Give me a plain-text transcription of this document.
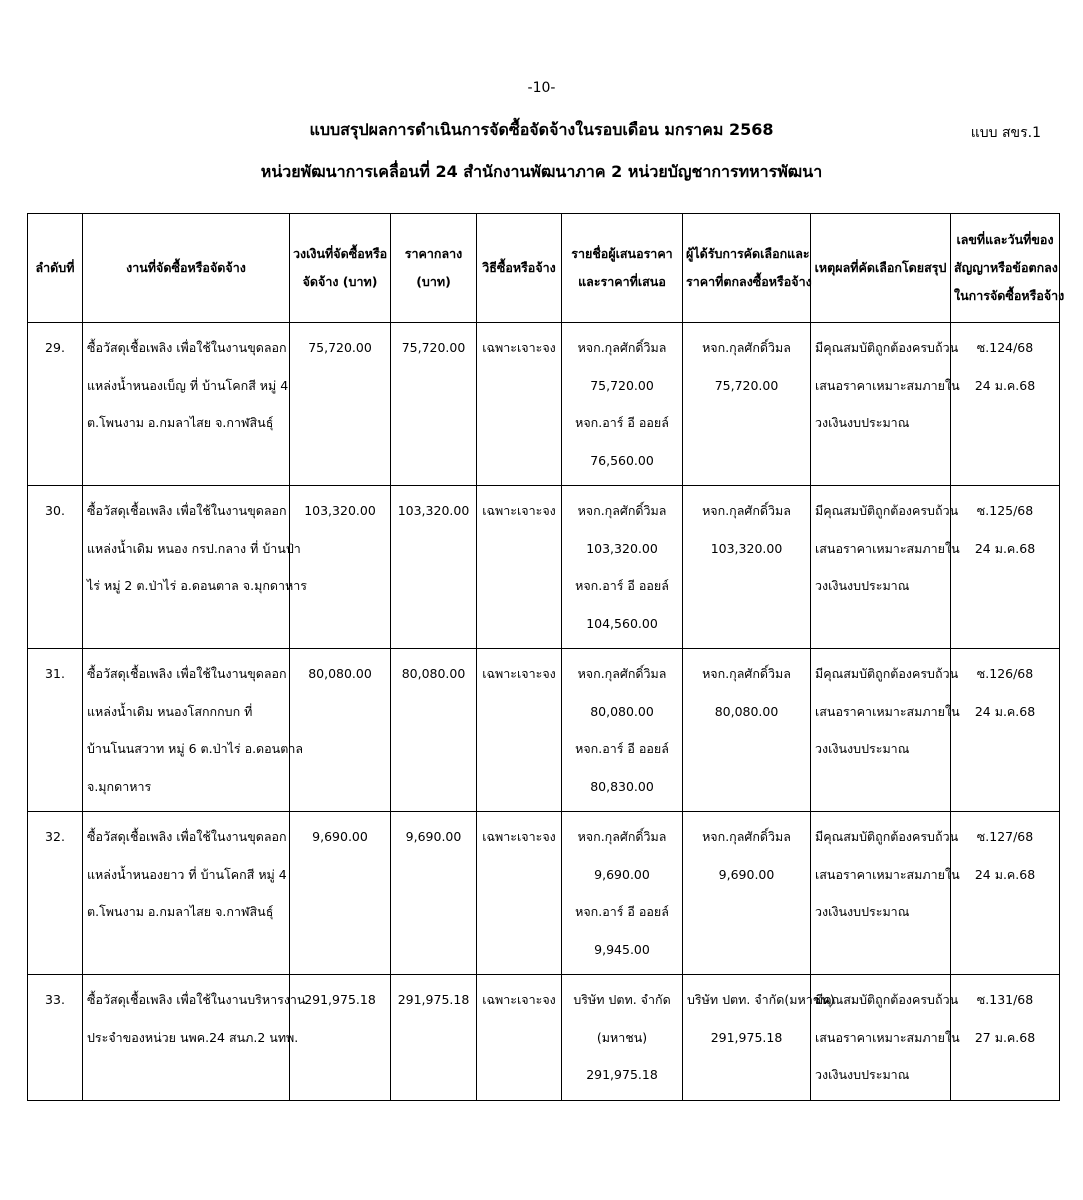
-10-
แบบ สขร.1
แบบสรุปผลการดำเนินการจัดซื้อจัดจ้างในรอบเดือน มกราคม 2568
หน่วยพัฒนาการเคลื่อนที่ 24 สำนักงานพัฒนาภาค 2 หน่วยบัญชาการทหารพัฒนา
ลำดับที่	งานที่จัดซื้อหรือจัดจ้าง	วงเงินที่จัดซื้อหรือ
จัดจ้าง (บาท)	ราคากลาง
(บาท)	วิธีซื้อหรือจ้าง	รายชื่อผู้เสนอราคา
และราคาที่เสนอ	ผู้ได้รับการคัดเลือกและ
ราคาที่ตกลงซื้อหรือจ้าง	เหตุผลที่คัดเลือกโดยสรุป	เลขที่และวันที่ของ
สัญญาหรือข้อตกลง
ในการจัดซื้อหรือจ้าง

29.	ซื้อวัสดุเชื้อเพลิง เพื่อใช้ในงานขุดลอก
แหล่งน้ำหนองเบ็ญ ที่ บ้านโคกสี หมู่ 4
ต.โพนงาม อ.กมลาไสย จ.กาฬสินธุ์	75,720.00	75,720.00	เฉพาะเจาะจง	หจก.กุลศักดิ์วิมล
75,720.00
หจก.อาร์ อี ออยล์
76,560.00	หจก.กุลศักดิ์วิมล
75,720.00	มีคุณสมบัติถูกต้องครบถ้วน
เสนอราคาเหมาะสมภายใน
วงเงินงบประมาณ	ซ.124/68
24 ม.ค.68

30.	ซื้อวัสดุเชื้อเพลิง เพื่อใช้ในงานขุดลอก
แหล่งน้ำเดิม หนอง กรป.กลาง ที่ บ้านป่า
ไร่ หมู่ 2 ต.ป่าไร่ อ.ดอนตาล จ.มุกดาหาร	103,320.00	103,320.00	เฉพาะเจาะจง	หจก.กุลศักดิ์วิมล
103,320.00
หจก.อาร์ อี ออยล์
104,560.00	หจก.กุลศักดิ์วิมล
103,320.00	มีคุณสมบัติถูกต้องครบถ้วน
เสนอราคาเหมาะสมภายใน
วงเงินงบประมาณ	ซ.125/68
24 ม.ค.68

31.	ซื้อวัสดุเชื้อเพลิง เพื่อใช้ในงานขุดลอก
แหล่งน้ำเดิม หนองโสกกกบก ที่
บ้านโนนสวาท หมู่ 6 ต.ป่าไร่ อ.ดอนตาล
จ.มุกดาหาร	80,080.00	80,080.00	เฉพาะเจาะจง	หจก.กุลศักดิ์วิมล
80,080.00
หจก.อาร์ อี ออยล์
80,830.00	หจก.กุลศักดิ์วิมล
80,080.00	มีคุณสมบัติถูกต้องครบถ้วน
เสนอราคาเหมาะสมภายใน
วงเงินงบประมาณ	ซ.126/68
24 ม.ค.68

32.	ซื้อวัสดุเชื้อเพลิง เพื่อใช้ในงานขุดลอก
แหล่งน้ำหนองยาว ที่ บ้านโคกสี หมู่ 4
ต.โพนงาม อ.กมลาไสย จ.กาฬสินธุ์	9,690.00	9,690.00	เฉพาะเจาะจง	หจก.กุลศักดิ์วิมล
9,690.00
หจก.อาร์ อี ออยล์
9,945.00	หจก.กุลศักดิ์วิมล
9,690.00	มีคุณสมบัติถูกต้องครบถ้วน
เสนอราคาเหมาะสมภายใน
วงเงินงบประมาณ	ซ.127/68
24 ม.ค.68

33.	ซื้อวัสดุเชื้อเพลิง เพื่อใช้ในงานบริหารงาน
ประจำของหน่วย นพค.24 สนภ.2 นทพ.	291,975.18	291,975.18	เฉพาะเจาะจง	บริษัท ปตท. จำกัด
(มหาชน)
291,975.18	บริษัท ปตท. จำกัด(มหาชน)
291,975.18	มีคุณสมบัติถูกต้องครบถ้วน
เสนอราคาเหมาะสมภายใน
วงเงินงบประมาณ	ซ.131/68
27 ม.ค.68
